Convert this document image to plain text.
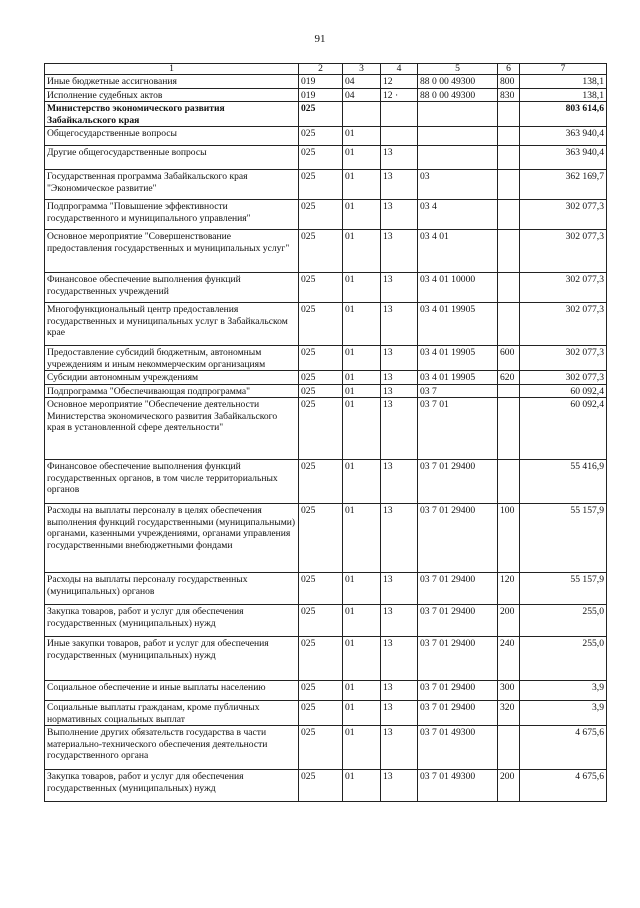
91
1	2	3	4	5	6	7
Иные бюджетные ассигнования	019	04	12	88 0 00 49300	800	138,1
Исполнение судебных актов	019	04	12 ·	88 0 00 49300	830	138,1
Министерство экономического развития Забайкальского края	025					803 614,6
Общегосударственные вопросы	025	01				363 940,4
Другие общегосударственные вопросы	025	01	13			363 940,4
Государственная программа Забайкальского края "Экономическое развитие"	025	01	13	03		362 169,7
Подпрограмма "Повышение эффективности государственного и муниципального управления"	025	01	13	03 4		302 077,3
Основное мероприятие "Совершенствование предоставления государственных и муниципальных услуг"	025	01	13	03 4 01		302 077,3
Финансовое обеспечение выполнения функций государственных учреждений	025	01	13	03 4 01 10000		302 077,3
Многофункциональный центр предоставления государственных и муниципальных услуг в Забайкальском крае	025	01	13	03 4 01 19905		302 077,3
Предоставление субсидий бюджетным, автономным учреждениям и иным некоммерческим организациям	025	01	13	03 4 01 19905	600	302 077,3
Субсидии автономным учреждениям	025	01	13	03 4 01 19905	620	302 077,3
Подпрограмма "Обеспечивающая подпрограмма"	025	01	13	03 7		60 092,4
Основное мероприятие "Обеспечение деятельности Министерства экономического развития Забайкальского края в установленной сфере деятельности"	025	01	13	03 7 01		60 092,4
Финансовое обеспечение выполнения функций государственных органов, в том числе территориальных органов	025	01	13	03 7 01 29400		55 416,9
Расходы на выплаты персоналу в целях обеспечения выполнения функций государственными (муниципальными) органами, казенными учреждениями, органами управления государственными внебюджетными фондами	025	01	13	03 7 01 29400	100	55 157,9
Расходы на выплаты персоналу государственных (муниципальных) органов	025	01	13	03 7 01 29400	120	55 157,9
Закупка товаров, работ и услуг для обеспечения государственных (муниципальных) нужд	025	01	13	03 7 01 29400	200	255,0
Иные закупки товаров, работ и услуг для обеспечения государственных (муниципальных) нужд	025	01	13	03 7 01 29400	240	255,0
Социальное обеспечение и иные выплаты населению	025	01	13	03 7 01 29400	300	3,9
Социальные выплаты гражданам, кроме публичных нормативных социальных выплат	025	01	13	03 7 01 29400	320	3,9
Выполнение других обязательств государства в части материально-технического обеспечения деятельности государственного органа	025	01	13	03 7 01 49300		4 675,6
Закупка товаров, работ и услуг для обеспечения государственных (муниципальных) нужд	025	01	13	03 7 01 49300	200	4 675,6
